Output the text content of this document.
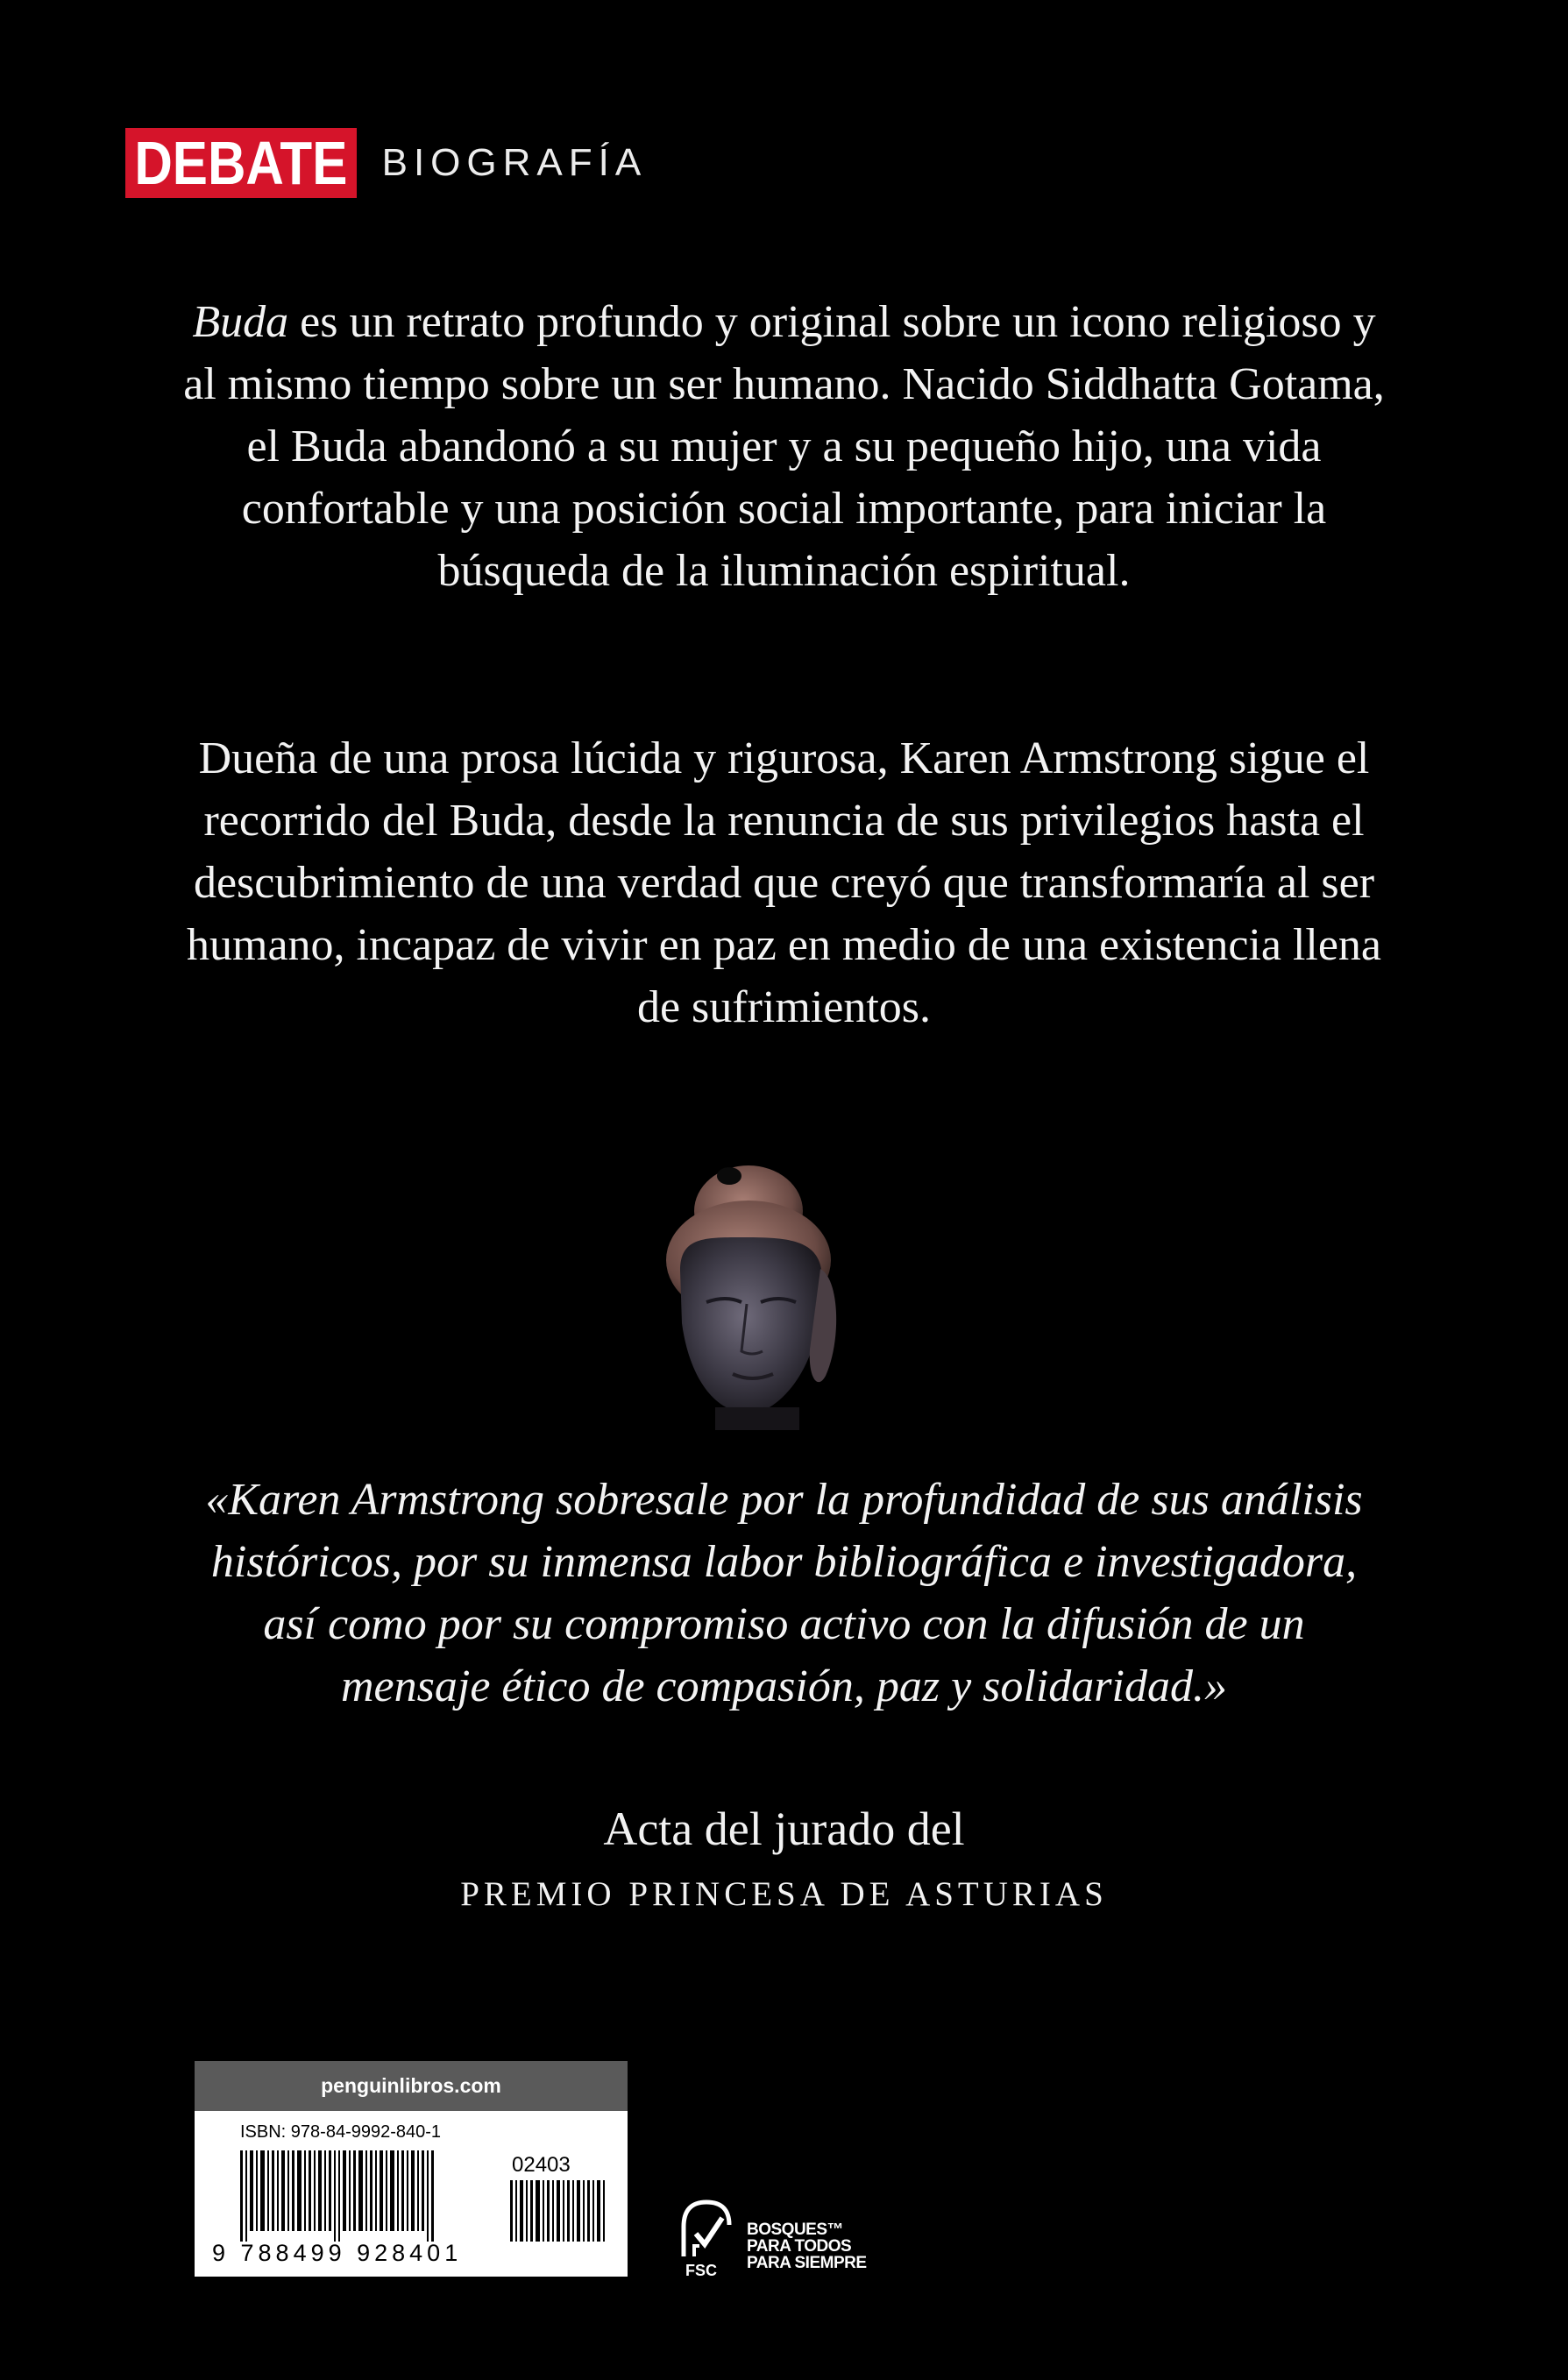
DEBATE BIOGRAFÍA

Buda es un retrato profundo y original sobre un icono religioso y al mismo tiempo sobre un ser humano. Nacido Siddhatta Gotama, el Buda abandonó a su mujer y a su pequeño hijo, una vida confortable y una posición social importante, para iniciar la búsqueda de la iluminación espiritual.

Dueña de una prosa lúcida y rigurosa, Karen Armstrong sigue el recorrido del Buda, desde la renuncia de sus privilegios hasta el descubrimiento de una verdad que creyó que transformaría al ser humano, incapaz de vivir en paz en medio de una existencia llena de sufrimientos.

«Karen Armstrong sobresale por la profundidad de sus análisis históricos, por su inmensa labor bibliográfica e investigadora, así como por su compromiso activo con la difusión de un mensaje ético de compasión, paz y solidaridad.»

Acta del jurado del
PREMIO PRINCESA DE ASTURIAS
penguinlibros.com
ISBN: 978-84-9992-840-1
02403
9 788499 928401
FSC
BOSQUES™
PARA TODOS
PARA SIEMPRE
